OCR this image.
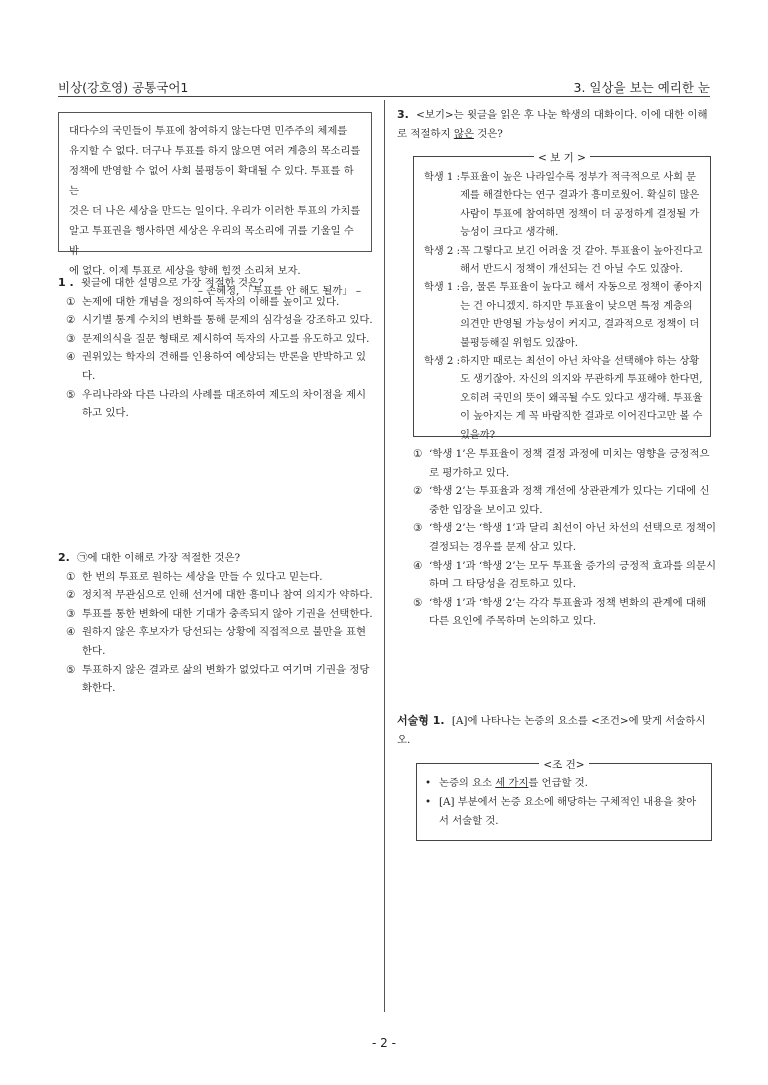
비상(강호영) 공통국어1	3. 일상을 보는 예리한 눈
대다수의 국민들이 투표에 참여하지 않는다면 민주주의 체제를
유지할 수 없다. 더구나 투표를 하지 않으면 여러 계층의 목소리를
정책에 반영할 수 없어 사회 불평등이 확대될 수 있다. 투표를 하는
것은 더 나은 세상을 만드는 일이다. 우리가 이러한 투표의 가치를
알고 투표권을 행사하면 세상은 우리의 목소리에 귀를 기울일 수밖
에 없다. 이제 투표로 세상을 향해 힘껏 소리쳐 보자.
– 손혜정, 「투표를 안 해도 될까」 –
1 . 윗글에 대한 설명으로 가장 적절한 것은?
① 논제에 대한 개념을 정의하여 독자의 이해를 높이고 있다.
② 시기별 통계 수치의 변화를 통해 문제의 심각성을 강조하고 있다.
③ 문제의식을 질문 형태로 제시하여 독자의 사고를 유도하고 있다.
④ 권위있는 학자의 견해를 인용하여 예상되는 반론을 반박하고 있다.
⑤ 우리나라와 다른 나라의 사례를 대조하여 제도의 차이점을 제시하고 있다.
2. ㉠에 대한 이해로 가장 적절한 것은?
① 한 번의 투표로 원하는 세상을 만들 수 있다고 믿는다.
② 정치적 무관심으로 인해 선거에 대한 흥미나 참여 의지가 약하다.
③ 투표를 통한 변화에 대한 기대가 충족되지 않아 기권을 선택한다.
④ 원하지 않은 후보자가 당선되는 상황에 직접적으로 불만을 표현한다.
⑤ 투표하지 않은 결과로 삶의 변화가 없었다고 여기며 기권을 정당화한다.
3. <보기>는 윗글을 읽은 후 나눈 학생의 대화이다. 이에 대한 이해로 적절하지 않은 것은?
< 보 기 >
학생 1 : 투표율이 높은 나라일수록 정부가 적극적으로 사회 문제를 해결한다는 연구 결과가 흥미로웠어. 확실히 많은 사람이 투표에 참여하면 정책이 더 공정하게 결정될 가능성이 크다고 생각해.
학생 2 : 꼭 그렇다고 보긴 어려울 것 같아. 투표율이 높아진다고 해서 반드시 정책이 개선되는 건 아닐 수도 있잖아.
학생 1 : 음, 물론 투표율이 높다고 해서 자동으로 정책이 좋아지는 건 아니겠지. 하지만 투표율이 낮으면 특정 계층의 의견만 반영될 가능성이 커지고, 결과적으로 정책이 더 불평등해질 위험도 있잖아.
학생 2 : 하지만 때로는 최선이 아닌 차악을 선택해야 하는 상황도 생기잖아. 자신의 의지와 무관하게 투표해야 한다면, 오히려 국민의 뜻이 왜곡될 수도 있다고 생각해. 투표율이 높아지는 게 꼭 바람직한 결과로 이어진다고만 볼 수 있을까?
① ‘학생 1’은 투표율이 정책 결정 과정에 미치는 영향을 긍정적으로 평가하고 있다.
② ‘학생 2’는 투표율과 정책 개선에 상관관계가 있다는 기대에 신중한 입장을 보이고 있다.
③ ‘학생 2’는 ‘학생 1’과 달리 최선이 아닌 차선의 선택으로 정책이 결정되는 경우를 문제 삼고 있다.
④ ‘학생 1’과 ‘학생 2’는 모두 투표율 증가의 긍정적 효과를 의문시하며 그 타당성을 검토하고 있다.
⑤ ‘학생 1’과 ‘학생 2’는 각각 투표율과 정책 변화의 관계에 대해 다른 요인에 주목하며 논의하고 있다.
서술형 1. [A]에 나타나는 논증의 요소를 <조건>에 맞게 서술하시오.
<조 건>
• 논증의 요소 세 가지를 언급할 것.
• [A] 부분에서 논증 요소에 해당하는 구체적인 내용을 찾아서 서술할 것.
- 2 -
